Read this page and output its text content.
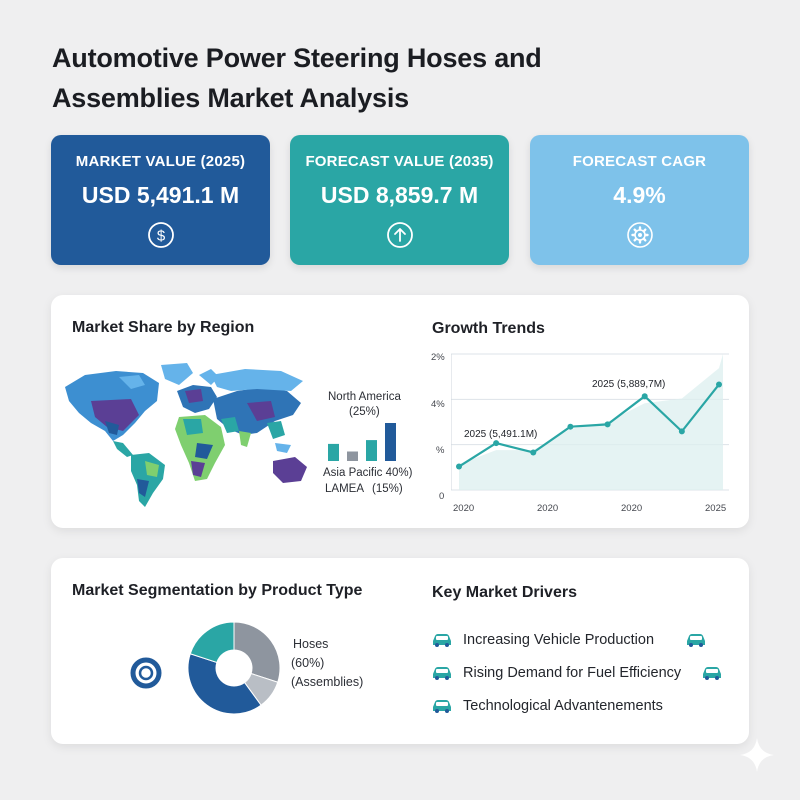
Automotive Power Steering Hoses and
Assemblies Market Analysis
MARKET VALUE (2025)
USD 5,491.1 M
$
FORECAST VALUE (2035)
USD 8,859.7 M
FORECAST CAGR
4.9%
Market Share by Region
North America
(25%)
Asia Pacific 40%)
LAMEA (15%)
Growth Trends
2%
4%
%
0
2020	2020	2020	2025
2025 (5,491.1M)
2025 (5,889,7M)
Market Segmentation by Product Type
Hoses
(60%)
(Assemblies)
Key Market Drivers
Increasing Vehicle Production
Rising Demand for Fuel Efficiency
Technological Advantenements
